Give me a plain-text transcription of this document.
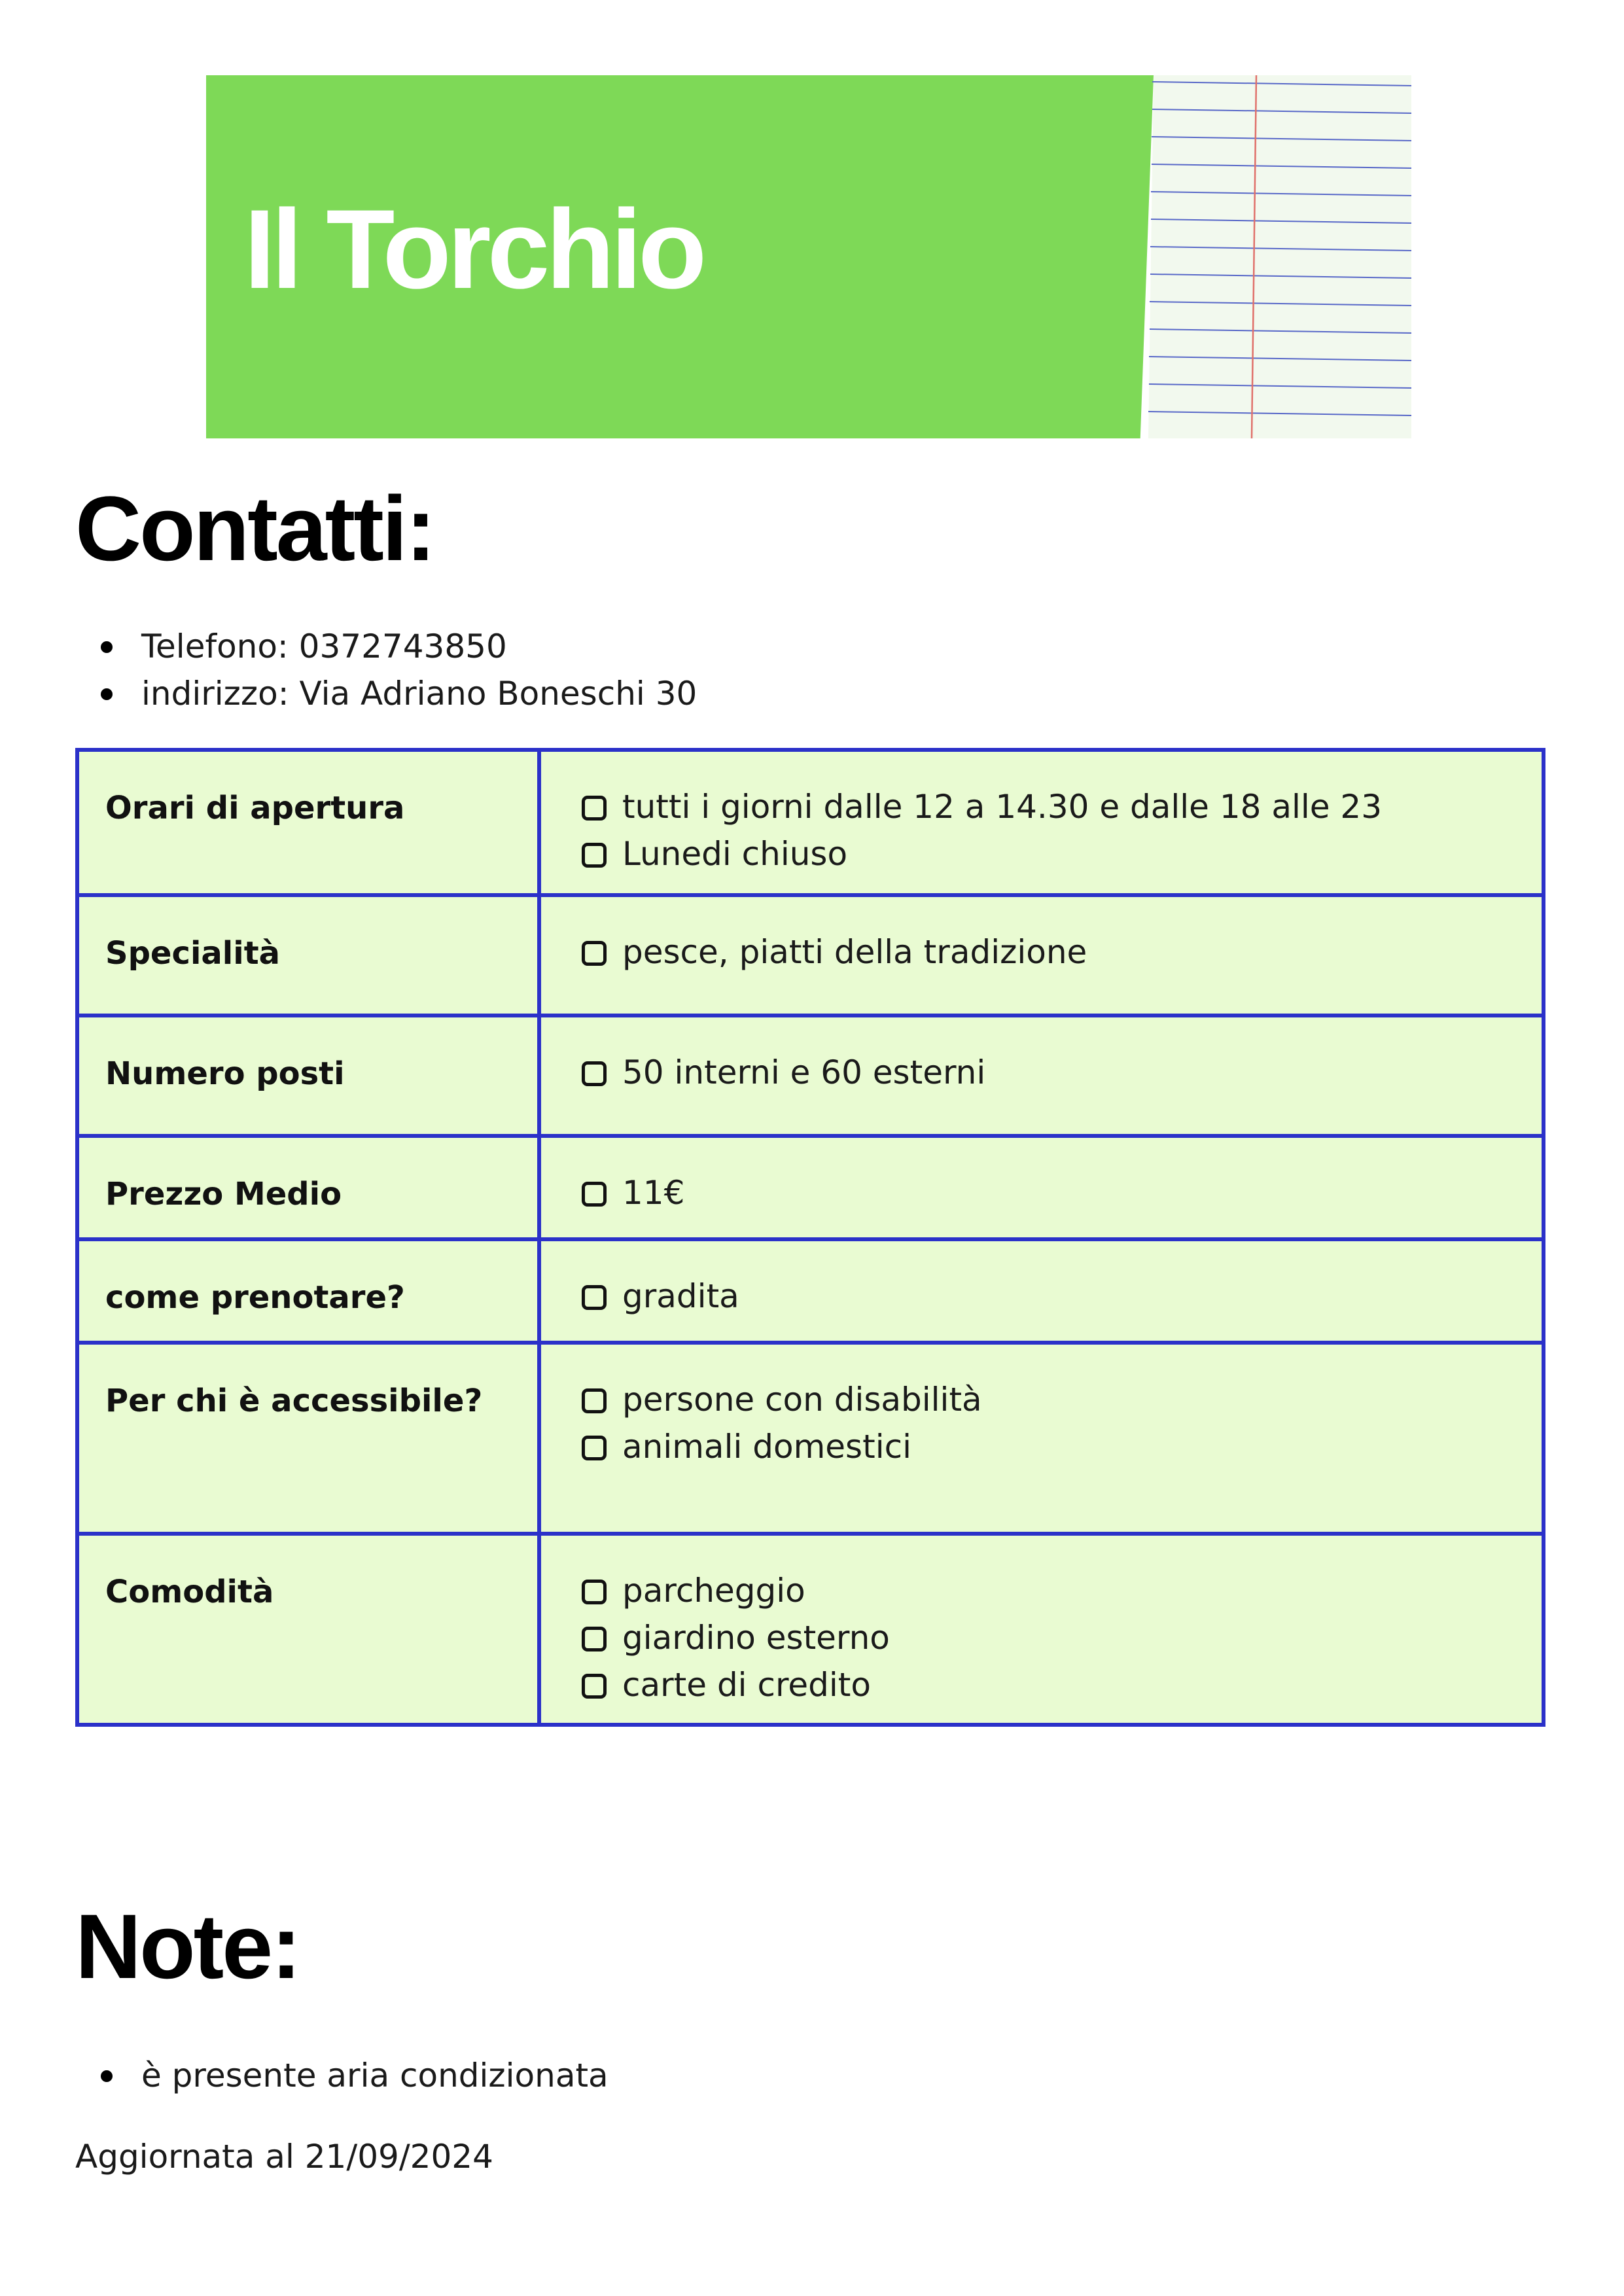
Il Torchio
Contatti:
Telefono: 0372743850
indirizzo: Via Adriano Boneschi 30
Orari di apertura	tutti i giorni dalle 12 a 14.30 e dalle 18 alle 23
Lunedi chiuso

Specialità	pesce, piatti della tradizione

Numero posti	50 interni e 60 esterni

Prezzo Medio	11€

come prenotare?	gradita

Per chi è accessibile?	persone con disabilità
animali domestici

Comodità	parcheggio
giardino esterno
carte di credito
Note:
è presente aria condizionata

Aggiornata al 21/09/2024
